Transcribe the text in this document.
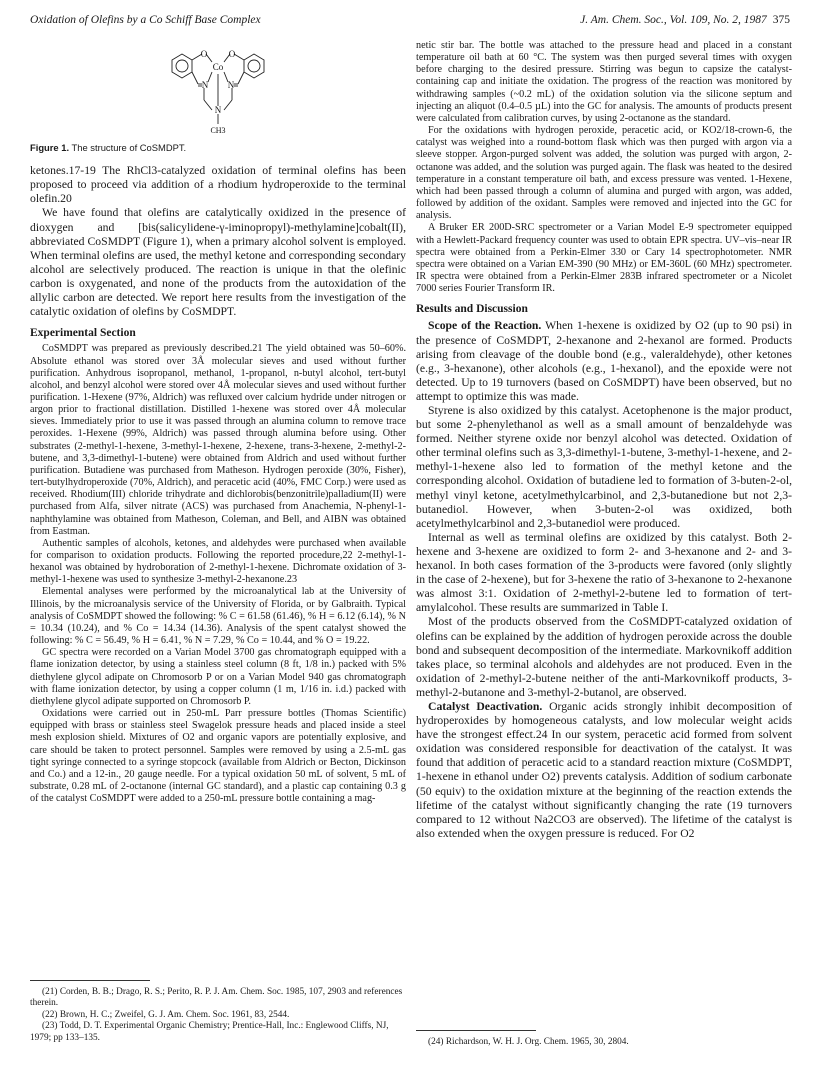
Oxidation of Olefins by a Co Schiff Base Complex	J. Am. Chem. Soc., Vol. 109, No. 2, 1987 375
O
Co
O
N N
N
CH3
Figure 1. The structure of CoSMDPT.

ketones.17-19 The RhCl3-catalyzed oxidation of terminal olefins has been proposed to proceed via addition of a rhodium hydroperoxide to the terminal olefin.20

We have found that olefins are catalytically oxidized in the presence of dioxygen and [bis(salicylidene-γ-iminopropyl)-methylamine]cobalt(II), abbreviated CoSMDPT (Figure 1), when a primary alcohol solvent is employed. When terminal olefins are used, the methyl ketone and corresponding secondary alcohol are selectively produced. The reaction is unique in that the olefinic carbon is oxygenated, and none of the products from the autoxidation of the allylic carbon are detected. We report here results from the investigation of the catalytic oxidation of olefins by CoSMDPT.

Experimental Section

CoSMDPT was prepared as previously described.21 The yield obtained was 50–60%. Absolute ethanol was stored over 3Å molecular sieves and used without further purification. Anhydrous isopropanol, methanol, 1-propanol, n-butyl alcohol, tert-butyl alcohol, and benzyl alcohol were stored over 4Å molecular sieves and used without further purification. 1-Hexene (97%, Aldrich) was refluxed over calcium hydride under nitrogen or argon prior to fractional distillation. Distilled 1-hexene was stored over 4Å molecular sieves. Immediately prior to use it was passed through an alumina column to remove trace peroxides. 1-Hexene (99%, Aldrich) was passed through alumina before using. Other substrates (2-methyl-1-hexene, 3-methyl-1-hexene, 2-hexene, trans-3-hexene, 2-methyl-2-butene, and 3,3-dimethyl-1-butene) were obtained from Aldrich and used without further purification. Butadiene was purchased from Matheson. Hydrogen peroxide (30%, Fisher), tert-butylhydroperoxide (70%, Aldrich), and peracetic acid (40%, FMC Corp.) were used as received. Rhodium(III) chloride trihydrate and dichlorobis(benzonitrile)palladium(II) were purchased from Alfa, silver nitrate (ACS) was purchased from Anachemia, N-phenyl-1-naphthylamine was obtained from Matheson, Coleman, and Bell, and AIBN was obtained from Eastman.

Authentic samples of alcohols, ketones, and aldehydes were purchased when available for comparison to oxidation products. Following the reported procedure,22 2-methyl-1-hexanol was obtained by hydroboration of 2-methyl-1-hexene. Dichromate oxidation of 3-methyl-1-hexene was used to synthesize 3-methyl-2-hexanone.23

Elemental analyses were performed by the microanalytical lab at the University of Illinois, by the microanalysis service of the University of Florida, or by Galbraith. Typical analysis of CoSMDPT showed the following: % C = 61.58 (61.46), % H = 6.12 (6.14), % N = 10.34 (10.24), and % Co = 14.34 (14.36). Analysis of the spent catalyst showed the following: % C = 56.49, % H = 6.41, % N = 7.29, % Co = 10.44, and % O = 19.22.

GC spectra were recorded on a Varian Model 3700 gas chromatograph equipped with a flame ionization detector, by using a stainless steel column (8 ft, 1/8 in.) packed with 5% diethylene glycol adipate on Chromosorb P or on a Varian Model 940 gas chromatograph with flame ionization detector, by using a copper column (1 m, 1/16 in. i.d.) packed with diethylene glycol adipate supported on Chromosorb P.

Oxidations were carried out in 250-mL Parr pressure bottles (Thomas Scientific) equipped with brass or stainless steel Swagelok pressure heads and placed inside a steel mesh explosion shield. Mixtures of O2 and organic vapors are potentially explosive, and care should be taken to protect personnel. Samples were removed by using a 2.5-mL gas tight syringe connected to a syringe stopcock (available from Aldrich or Becton, Dickinson and Co.) and a 12-in., 20 gauge needle. For a typical oxidation 50 mL of solvent, 5 mL of substrate, 0.28 mL of 2-octanone (internal GC standard), and a plastic cap containing 0.3 g of the catalyst CoSMDPT were added to a 250-mL pressure bottle containing a mag-

(21) Corden, B. B.; Drago, R. S.; Perito, R. P. J. Am. Chem. Soc. 1985, 107, 2903 and references therein.

(22) Brown, H. C.; Zweifel, G. J. Am. Chem. Soc. 1961, 83, 2544.

(23) Todd, D. T. Experimental Organic Chemistry; Prentice-Hall, Inc.: Englewood Cliffs, NJ, 1979; pp 133–135.

netic stir bar. The bottle was attached to the pressure head and placed in a constant temperature oil bath at 60 °C. The system was then purged several times with oxygen before charging to the desired pressure. Stirring was begun to capsize the catalyst-containing cap and initiate the oxidation. The progress of the reaction was monitored by withdrawing samples (~0.2 mL) of the oxidation solution via the silicone septum and injecting an aliquot (0.4–0.5 µL) into the GC for analysis. The amounts of products present were calculated from calibration curves, by using 2-octanone as the standard.

For the oxidations with hydrogen peroxide, peracetic acid, or KO2/18-crown-6, the catalyst was weighed into a round-bottom flask which was then purged with argon via a sleeve stopper. Argon-purged solvent was added, the solution was purged with argon, 2-octanone was added, and the solution was purged again. The flask was heated to the desired temperature in a constant temperature oil bath, and excess pressure was vented. 1-Hexene, which had been passed through a column of alumina and purged with argon, was added, followed by addition of the oxidant. Samples were removed and injected into the GC for analysis.

A Bruker ER 200D-SRC spectrometer or a Varian Model E-9 spectrometer equipped with a Hewlett-Packard frequency counter was used to obtain EPR spectra. UV–vis–near IR spectra were obtained from a Perkin-Elmer 330 or Cary 14 spectrophotometer. NMR spectra were obtained on a Varian EM-390 (90 MHz) or EM-360L (60 MHz) spectrometer. IR spectra were obtained from a Perkin-Elmer 283B infrared spectrometer or a Nicolet 7000 series Fourier Transform IR.

Results and Discussion

Scope of the Reaction. When 1-hexene is oxidized by O2 (up to 90 psi) in the presence of CoSMDPT, 2-hexanone and 2-hexanol are formed. Products arising from cleavage of the double bond (e.g., valeraldehyde), other ketones (e.g., 3-hexanone), other alcohols (e.g., 1-hexanol), and the epoxide were not detected. Up to 19 turnovers (based on CoSMDPT) have been observed, but no attempt to optimize this was made.

Styrene is also oxidized by this catalyst. Acetophenone is the major product, but some 2-phenylethanol as well as a small amount of benzaldehyde was formed. Neither styrene oxide nor benzyl alcohol was detected. Oxidation of other terminal olefins such as 3,3-dimethyl-1-butene, 3-methyl-1-hexene, and 2-methyl-1-hexene also led to formation of the methyl ketone and the corresponding alcohol. Oxidation of butadiene led to formation of 3-buten-2-ol, methyl vinyl ketone, acetylmethylcarbinol, and 2,3-butanedione but not 2,3-butanediol. However, when 3-buten-2-ol was oxidized, both acetylmethylcarbinol and 2,3-butanediol were produced.

Internal as well as terminal olefins are oxidized by this catalyst. Both 2-hexene and 3-hexene are oxidized to form 2- and 3-hexanone and 2- and 3-hexanol. In both cases formation of the 3-products were favored (only slightly in the case of 2-hexene), but for 3-hexene the ratio of 3-hexanone to 2-hexanone was almost 3:1. Oxidation of 2-methyl-2-butene led to formation of tert-amylalcohol. These results are summarized in Table I.

Most of the products observed from the CoSMDPT-catalyzed oxidation of olefins can be explained by the addition of hydrogen peroxide across the double bond and subsequent decomposition of the intermediate. Markovnikoff addition takes place, so terminal alcohols and aldehydes are not produced. Even in the oxidation of 2-methyl-2-butene neither of the anti-Markovnikoff products, 3-methyl-2-butanone and 3-methyl-2-butanol, are observed.

Catalyst Deactivation. Organic acids strongly inhibit decomposition of hydroperoxides by homogeneous catalysts, and low molecular weight acids have the strongest effect.24 In our system, peracetic acid formed from solvent oxidation was considered responsible for deactivation of the catalyst. It was found that addition of peracetic acid to a standard reaction mixture (CoSMDPT, 1-hexene in ethanol under O2) prevents catalysis. Addition of sodium carbonate (50 equiv) to the oxidation mixture at the beginning of the reaction extends the lifetime of the catalyst without significantly changing the rate (19 turnovers compared to 12 without Na2CO3 are observed). The lifetime of the catalyst is also extended when the oxygen pressure is reduced. For O2

(24) Richardson, W. H. J. Org. Chem. 1965, 30, 2804.
